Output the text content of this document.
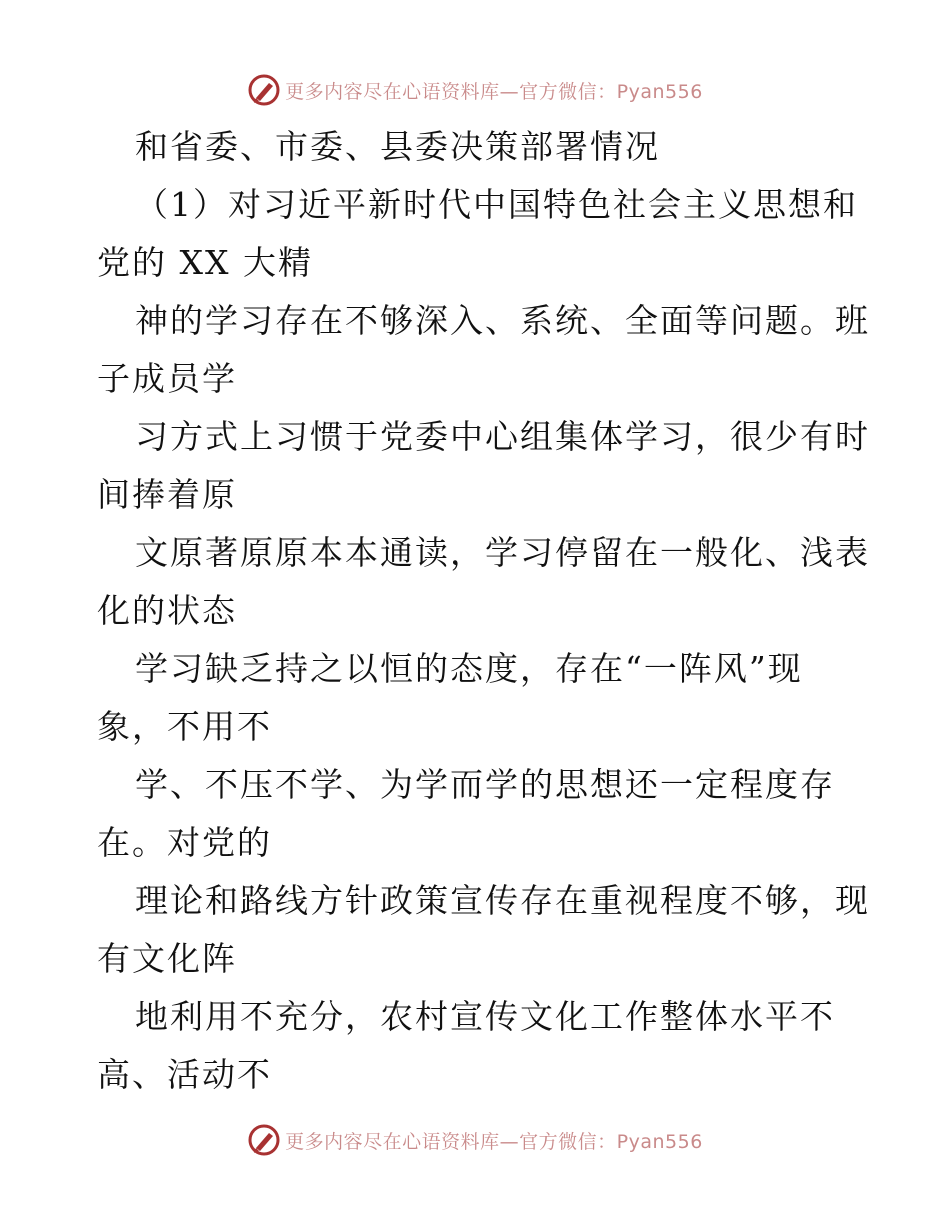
更多内容尽在心语资料库—官方微信：Pyan556
和省委、市委、县委决策部署情况
（1）对习近平新时代中国特色社会主义思想和
党的 XX 大精
神的学习存在不够深入、系统、全面等问题。班
子成员学
习方式上习惯于党委中心组集体学习，很少有时
间捧着原
文原著原原本本通读，学习停留在一般化、浅表
化的状态
学习缺乏持之以恒的态度，存在“一阵风”现
象，不用不
学、不压不学、为学而学的思想还一定程度存
在。对党的
理论和路线方针政策宣传存在重视程度不够，现
有文化阵
地利用不充分，农村宣传文化工作整体水平不
高、活动不
更多内容尽在心语资料库—官方微信：Pyan556
